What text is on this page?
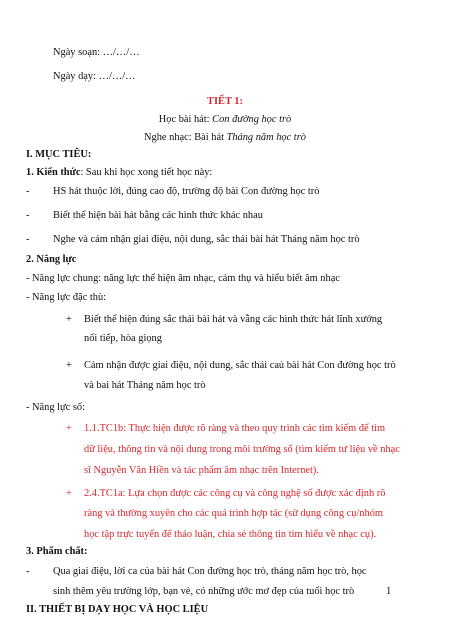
Ngày soạn: …/…/…
Ngày dạy: …/…/…
TIẾT 1:
Học bài hát: Con đường học trò
Nghe nhạc: Bài hát Tháng năm học trò
I. MỤC TIÊU:
1. Kiến thức: Sau khi học xong tiết học này:
- HS hát thuộc lời, đúng cao độ, trường độ bài Con đường học trò
- Biết thể hiện bài hát bằng các hình thức khác nhau
- Nghe và cảm nhận giai điệu, nội dung, sắc thái bài hát Tháng năm học trò
2. Năng lực
- Năng lực chung: năng lực thể hiện âm nhạc, cảm thụ và hiểu biết âm nhạc
- Năng lực đặc thù:
+ Biết thể hiện đúng sắc thái bài hát và vẵng các hình thức hát lĩnh xướng
nối tiếp, hòa giọng
+ Cảm nhận được giai điệu, nội dung, sắc thái caủ bài hát Con đường học trò
và bai hát Tháng năm học trò
- Năng lực số:
+ 1.1.TC1b: Thực hiện được rõ ràng và theo quy trình các tìm kiếm để tìm
dữ liệu, thông tin và nội dung trong môi trường số (tìm kiếm tư liệu về nhạc
sĩ Nguyễn Văn Hiền và tác phẩm âm nhạc trên Internet).
+ 2.4.TC1a: Lựa chọn được các công cụ và công nghệ số được xác định rõ
ràng và thường xuyên cho các quá trình hợp tác (sử dụng công cụ/nhóm
học tập trực tuyến để thảo luận, chia sẻ thông tin tìm hiểu về nhạc cụ).
3. Phẩm chất:
- Qua giai điệu, lời ca của bài hát Con đường học trò, tháng năm học trò, học
sinh thêm yêu trường lớp, bạn vè, có những ước mơ đẹp của tuổi học trò
II. THIẾT BỊ DẠY HỌC VÀ HỌC LIỆU
1
